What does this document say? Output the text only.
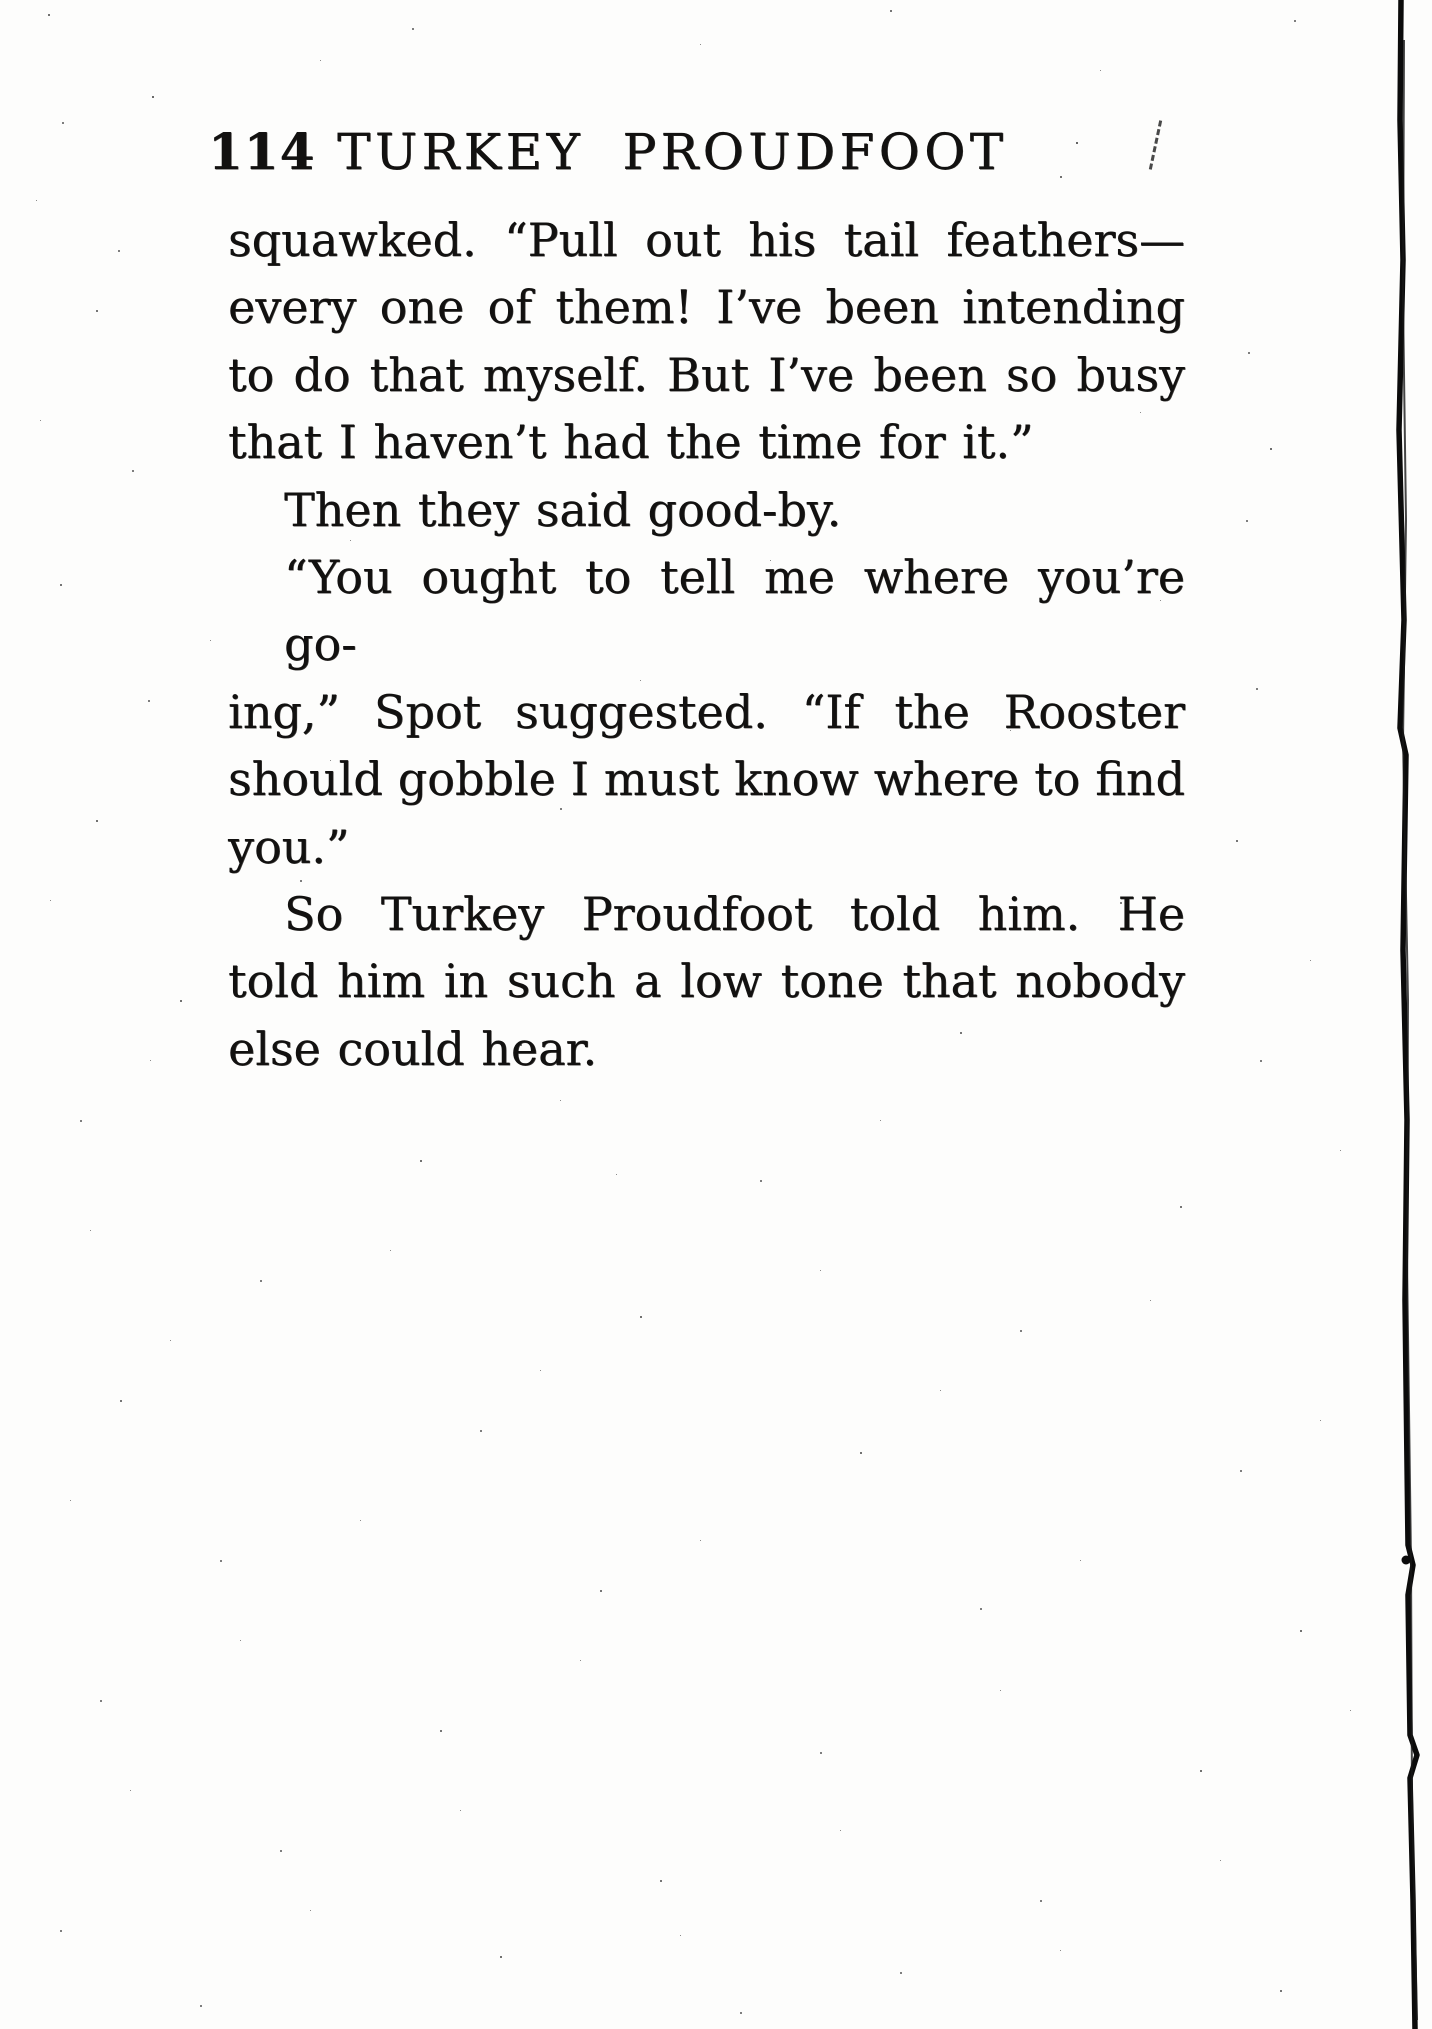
114 TURKEY PROUDFOOT
squawked. “Pull out his tail feathers—
every one of them! I’ve been intending
to do that myself. But I’ve been so busy
that I haven’t had the time for it.”
Then they said good-by.
“You ought to tell me where you’re go-
ing,” Spot suggested. “If the Rooster
should gobble I must know where to find
you.”
So Turkey Proudfoot told him. He
told him in such a low tone that nobody
else could hear.
